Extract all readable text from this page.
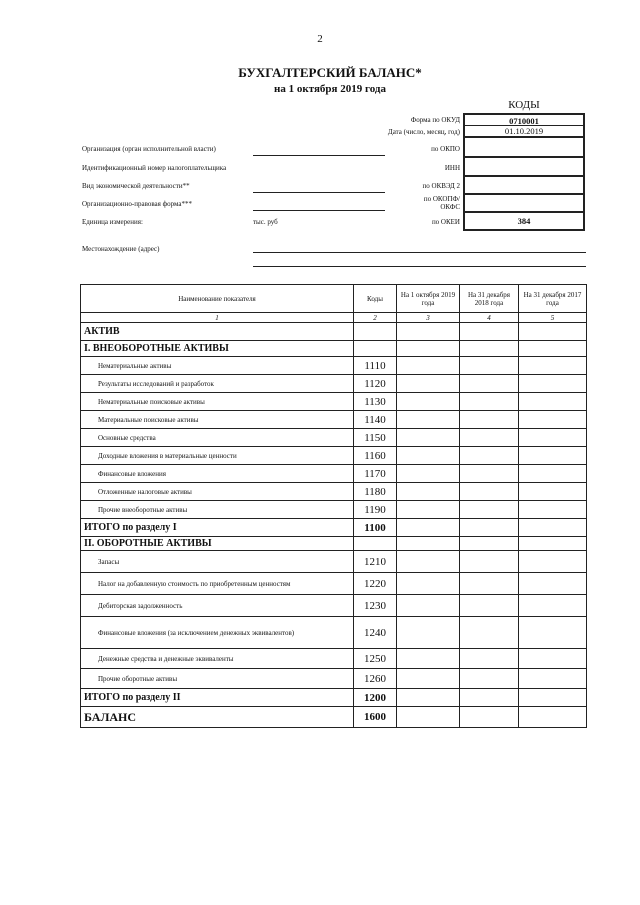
2
БУХГАЛТЕРСКИЙ БАЛАНС*
на 1 октября 2019 года
КОДЫ
Форма по ОКУД	0710001
Дата (число, месяц, год)	01.10.2019
Организация (орган исполнительной власти)	по ОКПО
Идентификационный номер налогоплательщика	ИНН
Вид экономической деятельности**	по ОКВЭД 2
Организационно-правовая форма***
по ОКОПФ/ ОКФС
Единица измерения:	тыс. руб	по ОКЕИ	384
Местонахождение (адрес)
Наименование показателя	Коды	На 1 октября 2019 года	На 31 декабря 2018 года	На 31 декабря 2017 года
1	2	3	4	5
АКТИВ				
I. ВНЕОБОРОТНЫЕ АКТИВЫ				
Нематериальные активы	1110			
Результаты исследований и разработок	1120			
Нематериальные поисковые активы	1130			
Материальные поисковые активы	1140			
Основные средства	1150			
Доходные вложения в материальные ценности	1160			
Финансовые вложения	1170			
Отложенные налоговые активы	1180			
Прочие внеоборотные активы	1190			
ИТОГО по разделу I	1100			
II. ОБОРОТНЫЕ АКТИВЫ				
Запасы	1210			
Налог на добавленную стоимость по приобретенным ценностям	1220			
Дебиторская задолженность	1230			
Финансовые вложения (за исключением денежных эквивалентов)	1240			
Денежные средства и денежные эквиваленты	1250			
Прочие оборотные активы	1260			
ИТОГО по разделу II	1200			
БАЛАНС	1600			
